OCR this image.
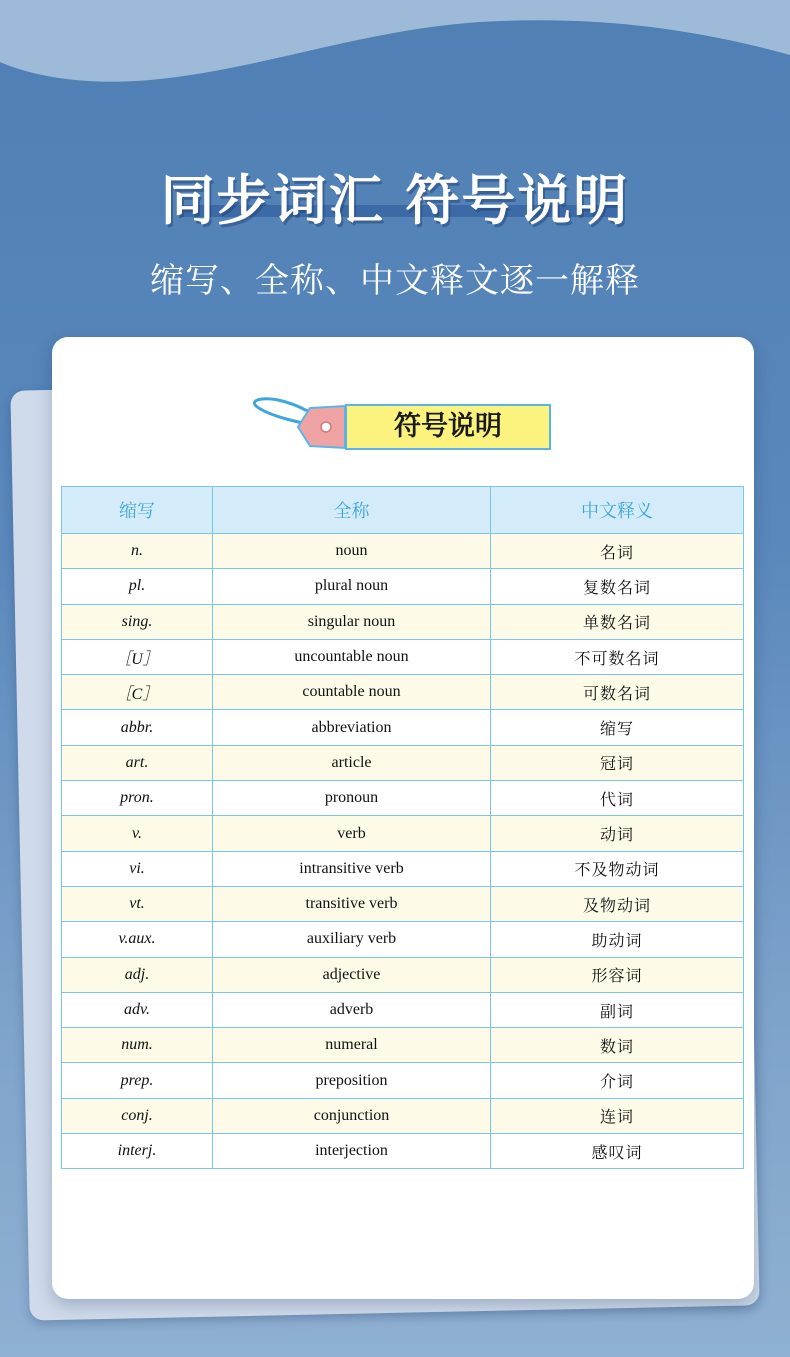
同步词汇 符号说明
缩写、全称、中文释文逐一解释
符号说明
缩写	全称	中文释义
n.	noun	名词
pl.	plural noun	复数名词
sing.	singular noun	单数名词
［U］	uncountable noun	不可数名词
［C］	countable noun	可数名词
abbr.	abbreviation	缩写
art.	article	冠词
pron.	pronoun	代词
v.	verb	动词
vi.	intransitive verb	不及物动词
vt.	transitive verb	及物动词
v.aux.	auxiliary verb	助动词
adj.	adjective	形容词
adv.	adverb	副词
num.	numeral	数词
prep.	preposition	介词
conj.	conjunction	连词
interj.	interjection	感叹词
